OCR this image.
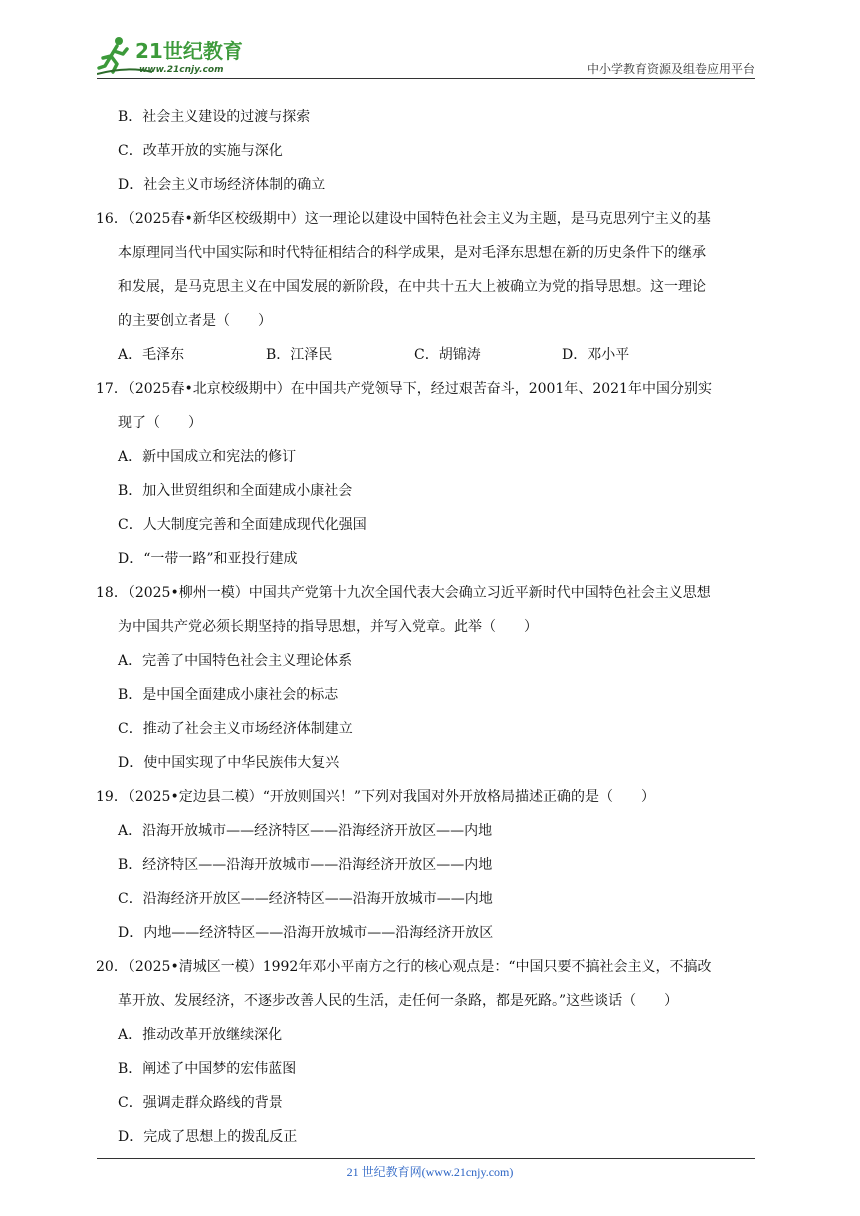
21世纪教育
www.21cnjy.com	中小学教育资源及组卷应用平台
B．社会主义建设的过渡与探索
C．改革开放的实施与深化
D．社会主义市场经济体制的确立
16．（2025春•新华区校级期中）这一理论以建设中国特色社会主义为主题，是马克思列宁主义的基
本原理同当代中国实际和时代特征相结合的科学成果，是对毛泽东思想在新的历史条件下的继承
和发展，是马克思主义在中国发展的新阶段，在中共十五大上被确立为党的指导思想。这一理论
的主要创立者是（　　）
A．毛泽东	B．江泽民	C．胡锦涛	D．邓小平
17．（2025春•北京校级期中）在中国共产党领导下，经过艰苦奋斗，2001年、2021年中国分别实
现了（　　）
A．新中国成立和宪法的修订
B．加入世贸组织和全面建成小康社会
C．人大制度完善和全面建成现代化强国
D．“一带一路”和亚投行建成
18．（2025•柳州一模）中国共产党第十九次全国代表大会确立习近平新时代中国特色社会主义思想
为中国共产党必须长期坚持的指导思想，并写入党章。此举（　　）
A．完善了中国特色社会主义理论体系
B．是中国全面建成小康社会的标志
C．推动了社会主义市场经济体制建立
D．使中国实现了中华民族伟大复兴
19．（2025•定边县二模）“开放则国兴！”下列对我国对外开放格局描述正确的是（　　）
A．沿海开放城市——经济特区——沿海经济开放区——内地
B．经济特区——沿海开放城市——沿海经济开放区——内地
C．沿海经济开放区——经济特区——沿海开放城市——内地
D．内地——经济特区——沿海开放城市——沿海经济开放区
20．（2025•清城区一模）1992年邓小平南方之行的核心观点是：“中国只要不搞社会主义，不搞改
革开放、发展经济，不逐步改善人民的生活，走任何一条路，都是死路。”这些谈话（　　）
A．推动改革开放继续深化
B．阐述了中国梦的宏伟蓝图
C．强调走群众路线的背景
D．完成了思想上的拨乱反正
21 世纪教育网(www.21cnjy.com)
